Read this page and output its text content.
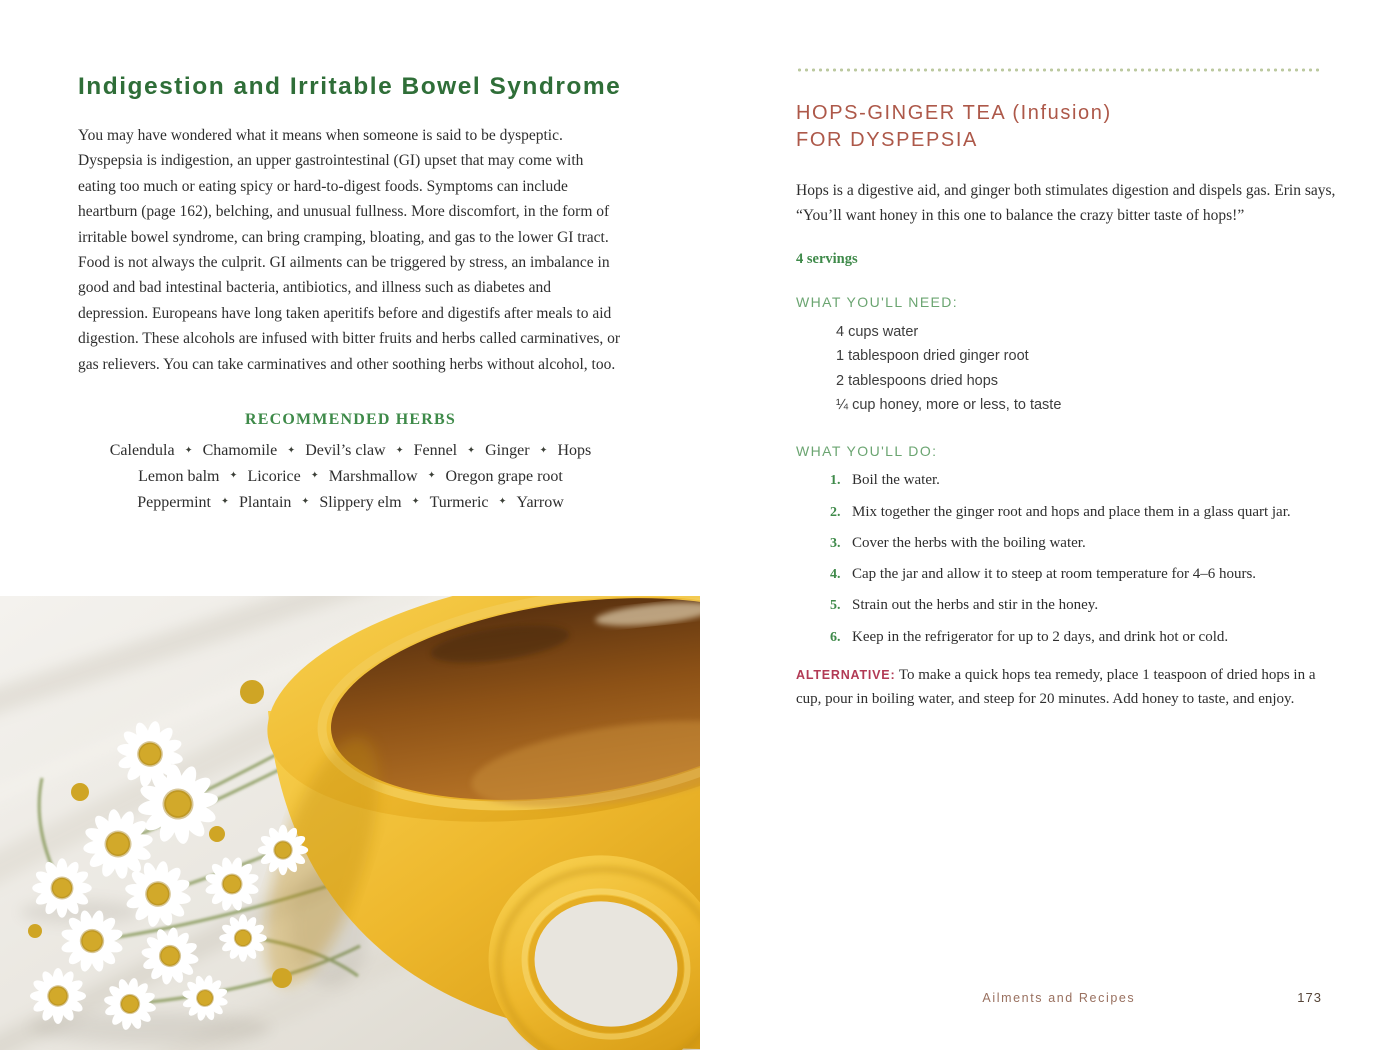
Indigestion and Irritable Bowel Syndrome

You may have wondered what it means when someone is said to be dyspeptic. Dyspepsia is indigestion, an upper gastrointestinal (GI) upset that may come with eating too much or eating spicy or hard-to-digest foods. Symptoms can include heartburn (page 162), belching, and unusual fullness. More discomfort, in the form of irritable bowel syndrome, can bring cramping, bloating, and gas to the lower GI tract. Food is not always the culprit. GI ailments can be triggered by stress, an imbalance in good and bad intestinal bacteria, antibiotics, and illness such as diabetes and depression. Europeans have long taken aperitifs before and digestifs after meals to aid digestion. These alcohols are infused with bitter fruits and herbs called carminatives, or gas relievers. You can take carminatives and other soothing herbs without alcohol, too.

RECOMMENDED HERBS
Calendula ✦ Chamomile ✦ Devil’s claw ✦ Fennel ✦ Ginger ✦ Hops
Lemon balm ✦ Licorice ✦ Marshmallow ✦ Oregon grape root
Peppermint ✦ Plantain ✦ Slippery elm ✦ Turmeric ✦ Yarrow
HOPS-GINGER TEA (Infusion)
FOR DYSPEPSIA

Hops is a digestive aid, and ginger both stimulates digestion and dispels gas. Erin says, “You’ll want honey in this one to balance the crazy bitter taste of hops!”

4 servings
WHAT YOU'LL NEED:
4 cups water
1 tablespoon dried ginger root
2 tablespoons dried hops
¼ cup honey, more or less, to taste
WHAT YOU'LL DO:
1. Boil the water.
2. Mix together the ginger root and hops and place them in a glass quart jar.
3. Cover the herbs with the boiling water.
4. Cap the jar and allow it to steep at room temperature for 4–6 hours.
5. Strain out the herbs and stir in the honey.
6. Keep in the refrigerator for up to 2 days, and drink hot or cold.

ALTERNATIVE: To make a quick hops tea remedy, place 1 teaspoon of dried hops in a cup, pour in boiling water, and steep for 20 minutes. Add honey to taste, and enjoy.

Ailments and Recipes	173
